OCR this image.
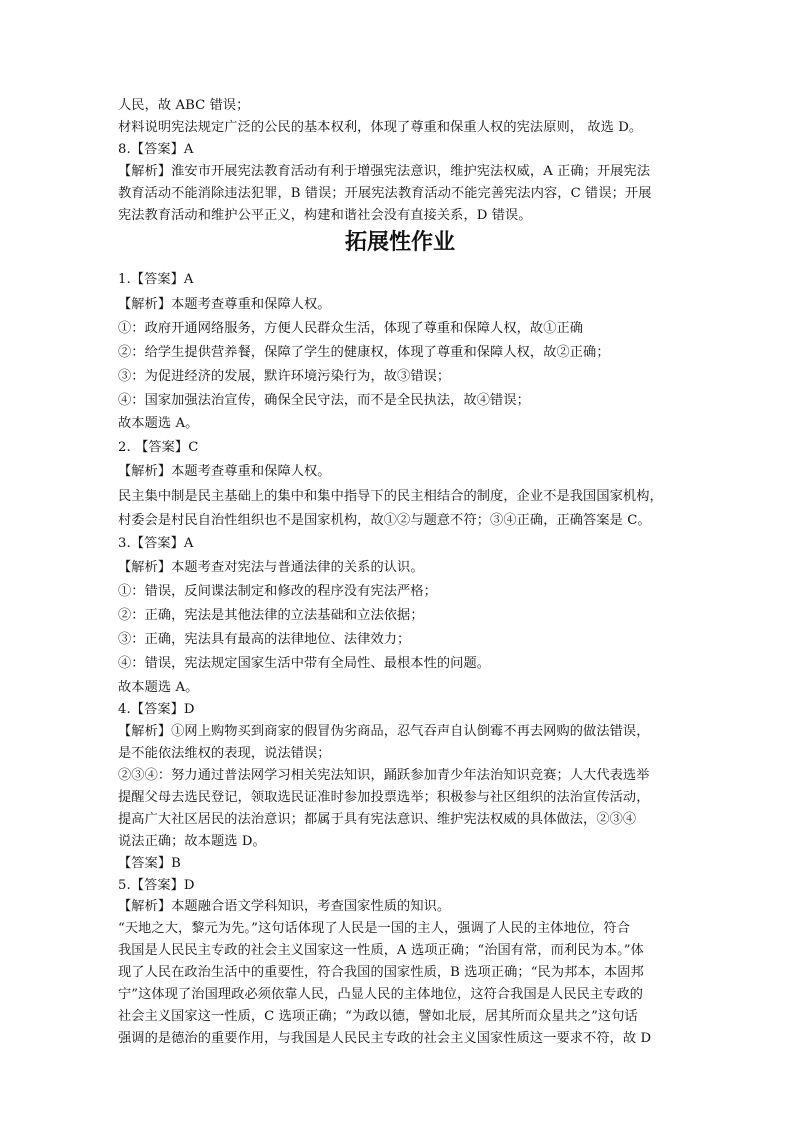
人民，故 ABC 错误；
材料说明宪法规定广泛的公民的基本权利，体现了尊重和保重人权的宪法原则， 故选 D。
8.【答案】A
【解析】淮安市开展宪法教育活动有利于增强宪法意识，维护宪法权威，A 正确；开展宪法
教育活动不能消除违法犯罪，B 错误；开展宪法教育活动不能完善宪法内容，C 错误；开展
宪法教育活动和维护公平正义，构建和谐社会没有直接关系，D 错误。
拓展性作业
1.【答案】A
【解析】本题考查尊重和保障人权。
①：政府开通网络服务，方便人民群众生活，体现了尊重和保障人权，故①正确
②：给学生提供营养餐，保障了学生的健康权，体现了尊重和保障人权，故②正确；
③：为促进经济的发展，默许环境污染行为，故③错误；
④：国家加强法治宣传，确保全民守法，而不是全民执法，故④错误；
故本题选 A。
2. 【答案】C
【解析】本题考查尊重和保障人权。
民主集中制是民主基础上的集中和集中指导下的民主相结合的制度，企业不是我国国家机构，
村委会是村民自治性组织也不是国家机构，故①②与题意不符；③④正确，正确答案是 C。
3.【答案】A
【解析】本题考查对宪法与普通法律的关系的认识。
①：错误，反间谍法制定和修改的程序没有宪法严格；
②：正确，宪法是其他法律的立法基础和立法依据；
③：正确，宪法具有最高的法律地位、法律效力；
④：错误，宪法规定国家生活中带有全局性、最根本性的问题。
故本题选 A。
4.【答案】D
【解析】①网上购物买到商家的假冒伪劣商品，忍气吞声自认倒霉不再去网购的做法错误，
是不能依法维权的表现，说法错误；
②③④：努力通过普法网学习相关宪法知识，踊跃参加青少年法治知识竞赛；人大代表选举
提醒父母去选民登记，领取选民证准时参加投票选举；积极参与社区组织的法治宣传活动，
提高广大社区居民的法治意识；都属于具有宪法意识、维护宪法权威的具体做法，②③④
说法正确；故本题选 D。
【答案】B
5.【答案】D
【解析】本题融合语文学科知识，考查国家性质的知识。
“天地之大，黎元为先。”这句话体现了人民是一国的主人，强调了人民的主体地位，符合
我国是人民民主专政的社会主义国家这一性质，A 选项正确；“治国有常，而利民为本。”体
现了人民在政治生活中的重要性，符合我国的国家性质，B 选项正确；“民为邦本，本固邦
宁”这体现了治国理政必须依靠人民，凸显人民的主体地位，这符合我国是人民民主专政的
社会主义国家这一性质，C 选项正确；“为政以德，譬如北辰，居其所而众星共之”这句话
强调的是德治的重要作用，与我国是人民民主专政的社会主义国家性质这一要求不符，故 D
